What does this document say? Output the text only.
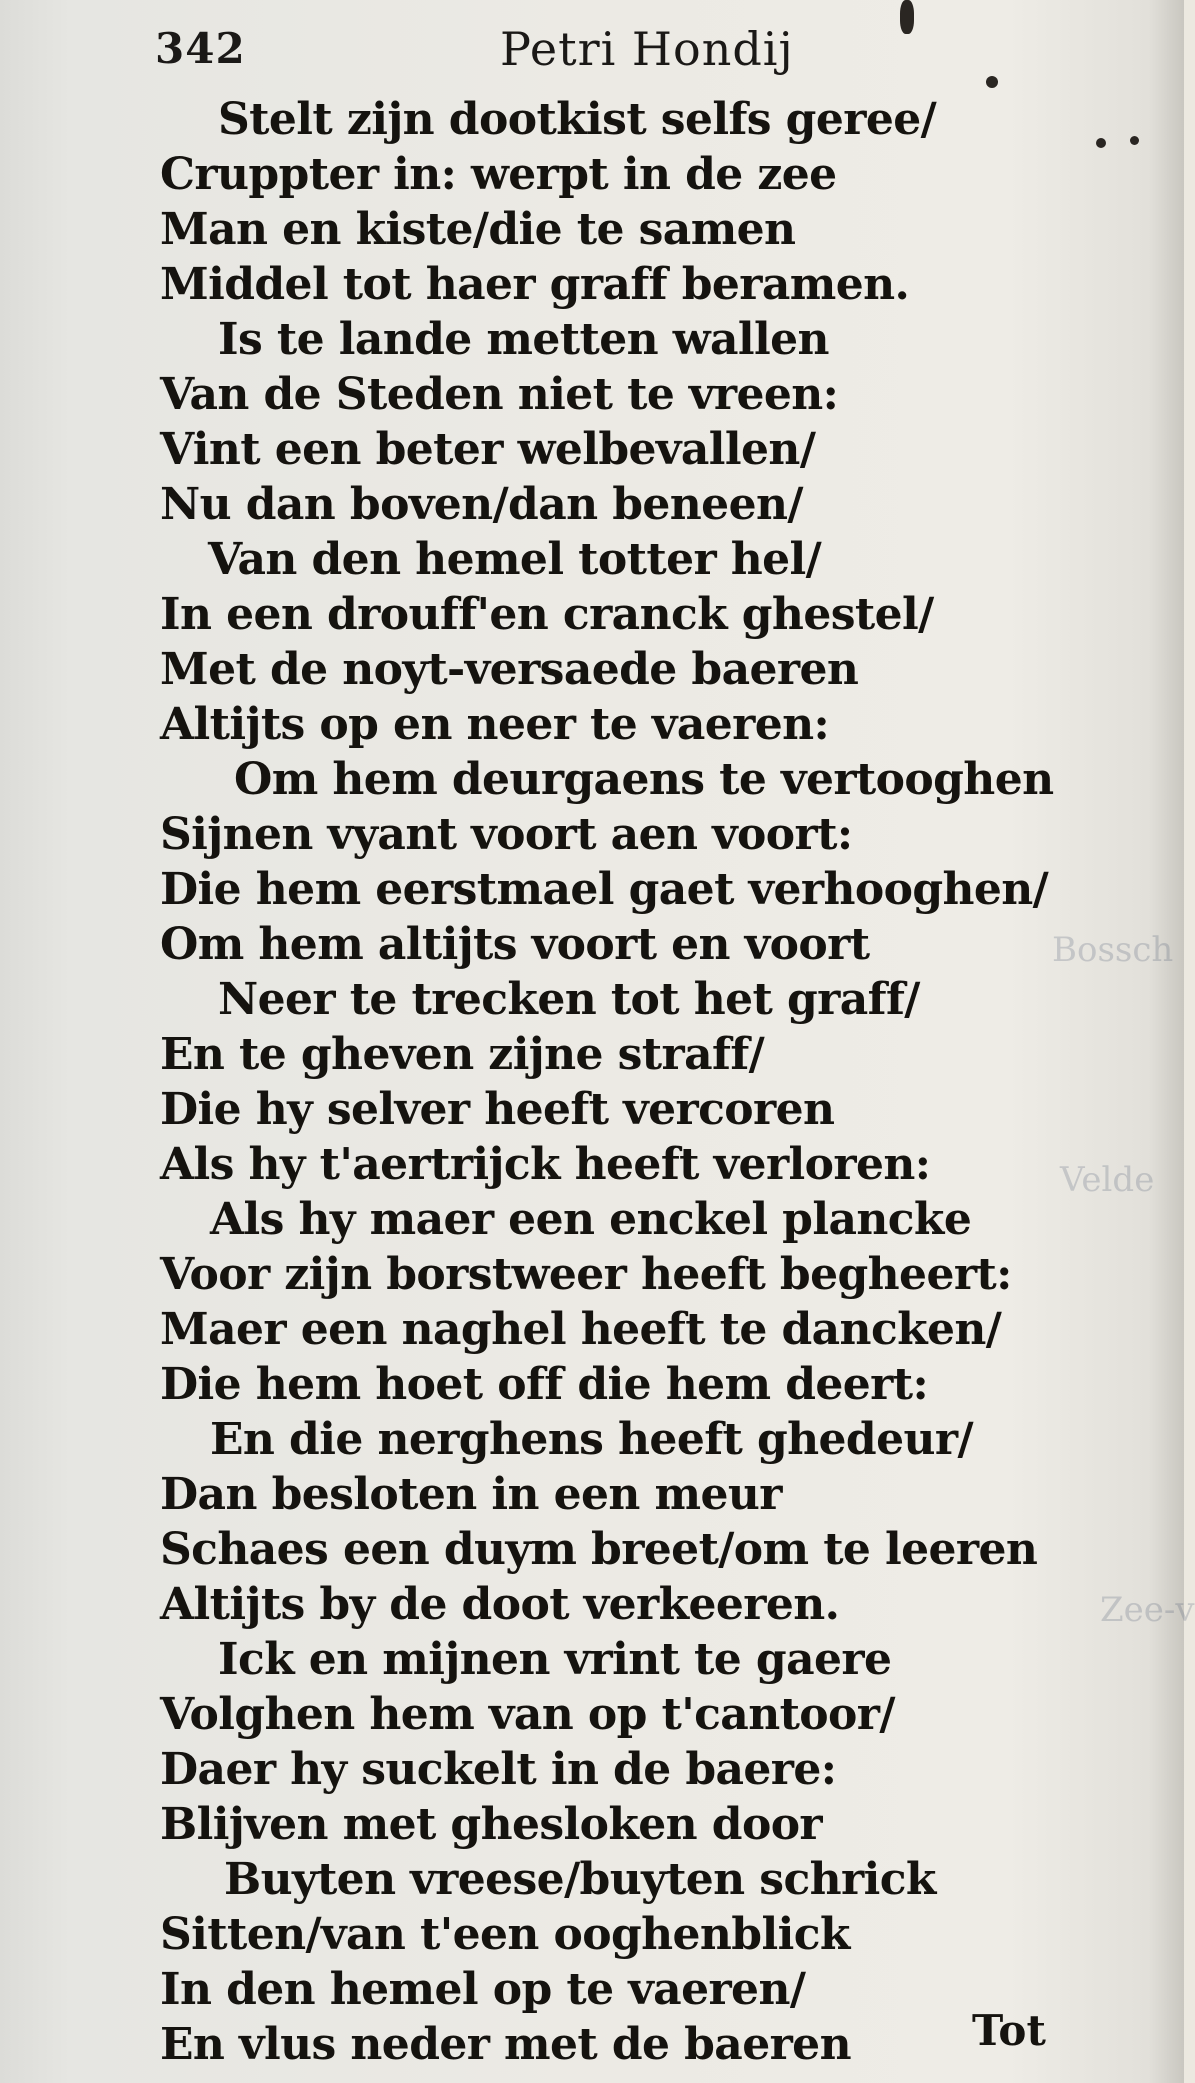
Bossch
Velde
Zee-v
342	Petri Hondij
Stelt zijn dootkist selfs geree/
Cruppter in: werpt in de zee
Man en kiste/die te samen
Middel tot haer graff beramen.
Is te lande metten wallen
Van de Steden niet te vreen:
Vint een beter welbevallen/
Nu dan boven/dan beneen/
Van den hemel totter hel/
In een drouff'en cranck ghestel/
Met de noyt-versaede baeren
Altijts op en neer te vaeren:
Om hem deurgaens te vertooghen
Sijnen vyant voort aen voort:
Die hem eerstmael gaet verhooghen/
Om hem altijts voort en voort
Neer te trecken tot het graff/
En te gheven zijne straff/
Die hy selver heeft vercoren
Als hy t'aertrijck heeft verloren:
Als hy maer een enckel plancke
Voor zijn borstweer heeft begheert:
Maer een naghel heeft te dancken/
Die hem hoet off die hem deert:
En die nerghens heeft ghedeur/
Dan besloten in een meur
Schaes een duym breet/om te leeren
Altijts by de doot verkeeren.
Ick en mijnen vrint te gaere
Volghen hem van op t'cantoor/
Daer hy suckelt in de baere:
Blijven met ghesloken door
Buyten vreese/buyten schrick
Sitten/van t'een ooghenblick
In den hemel op te vaeren/
En vlus neder met de baeren	Tot
